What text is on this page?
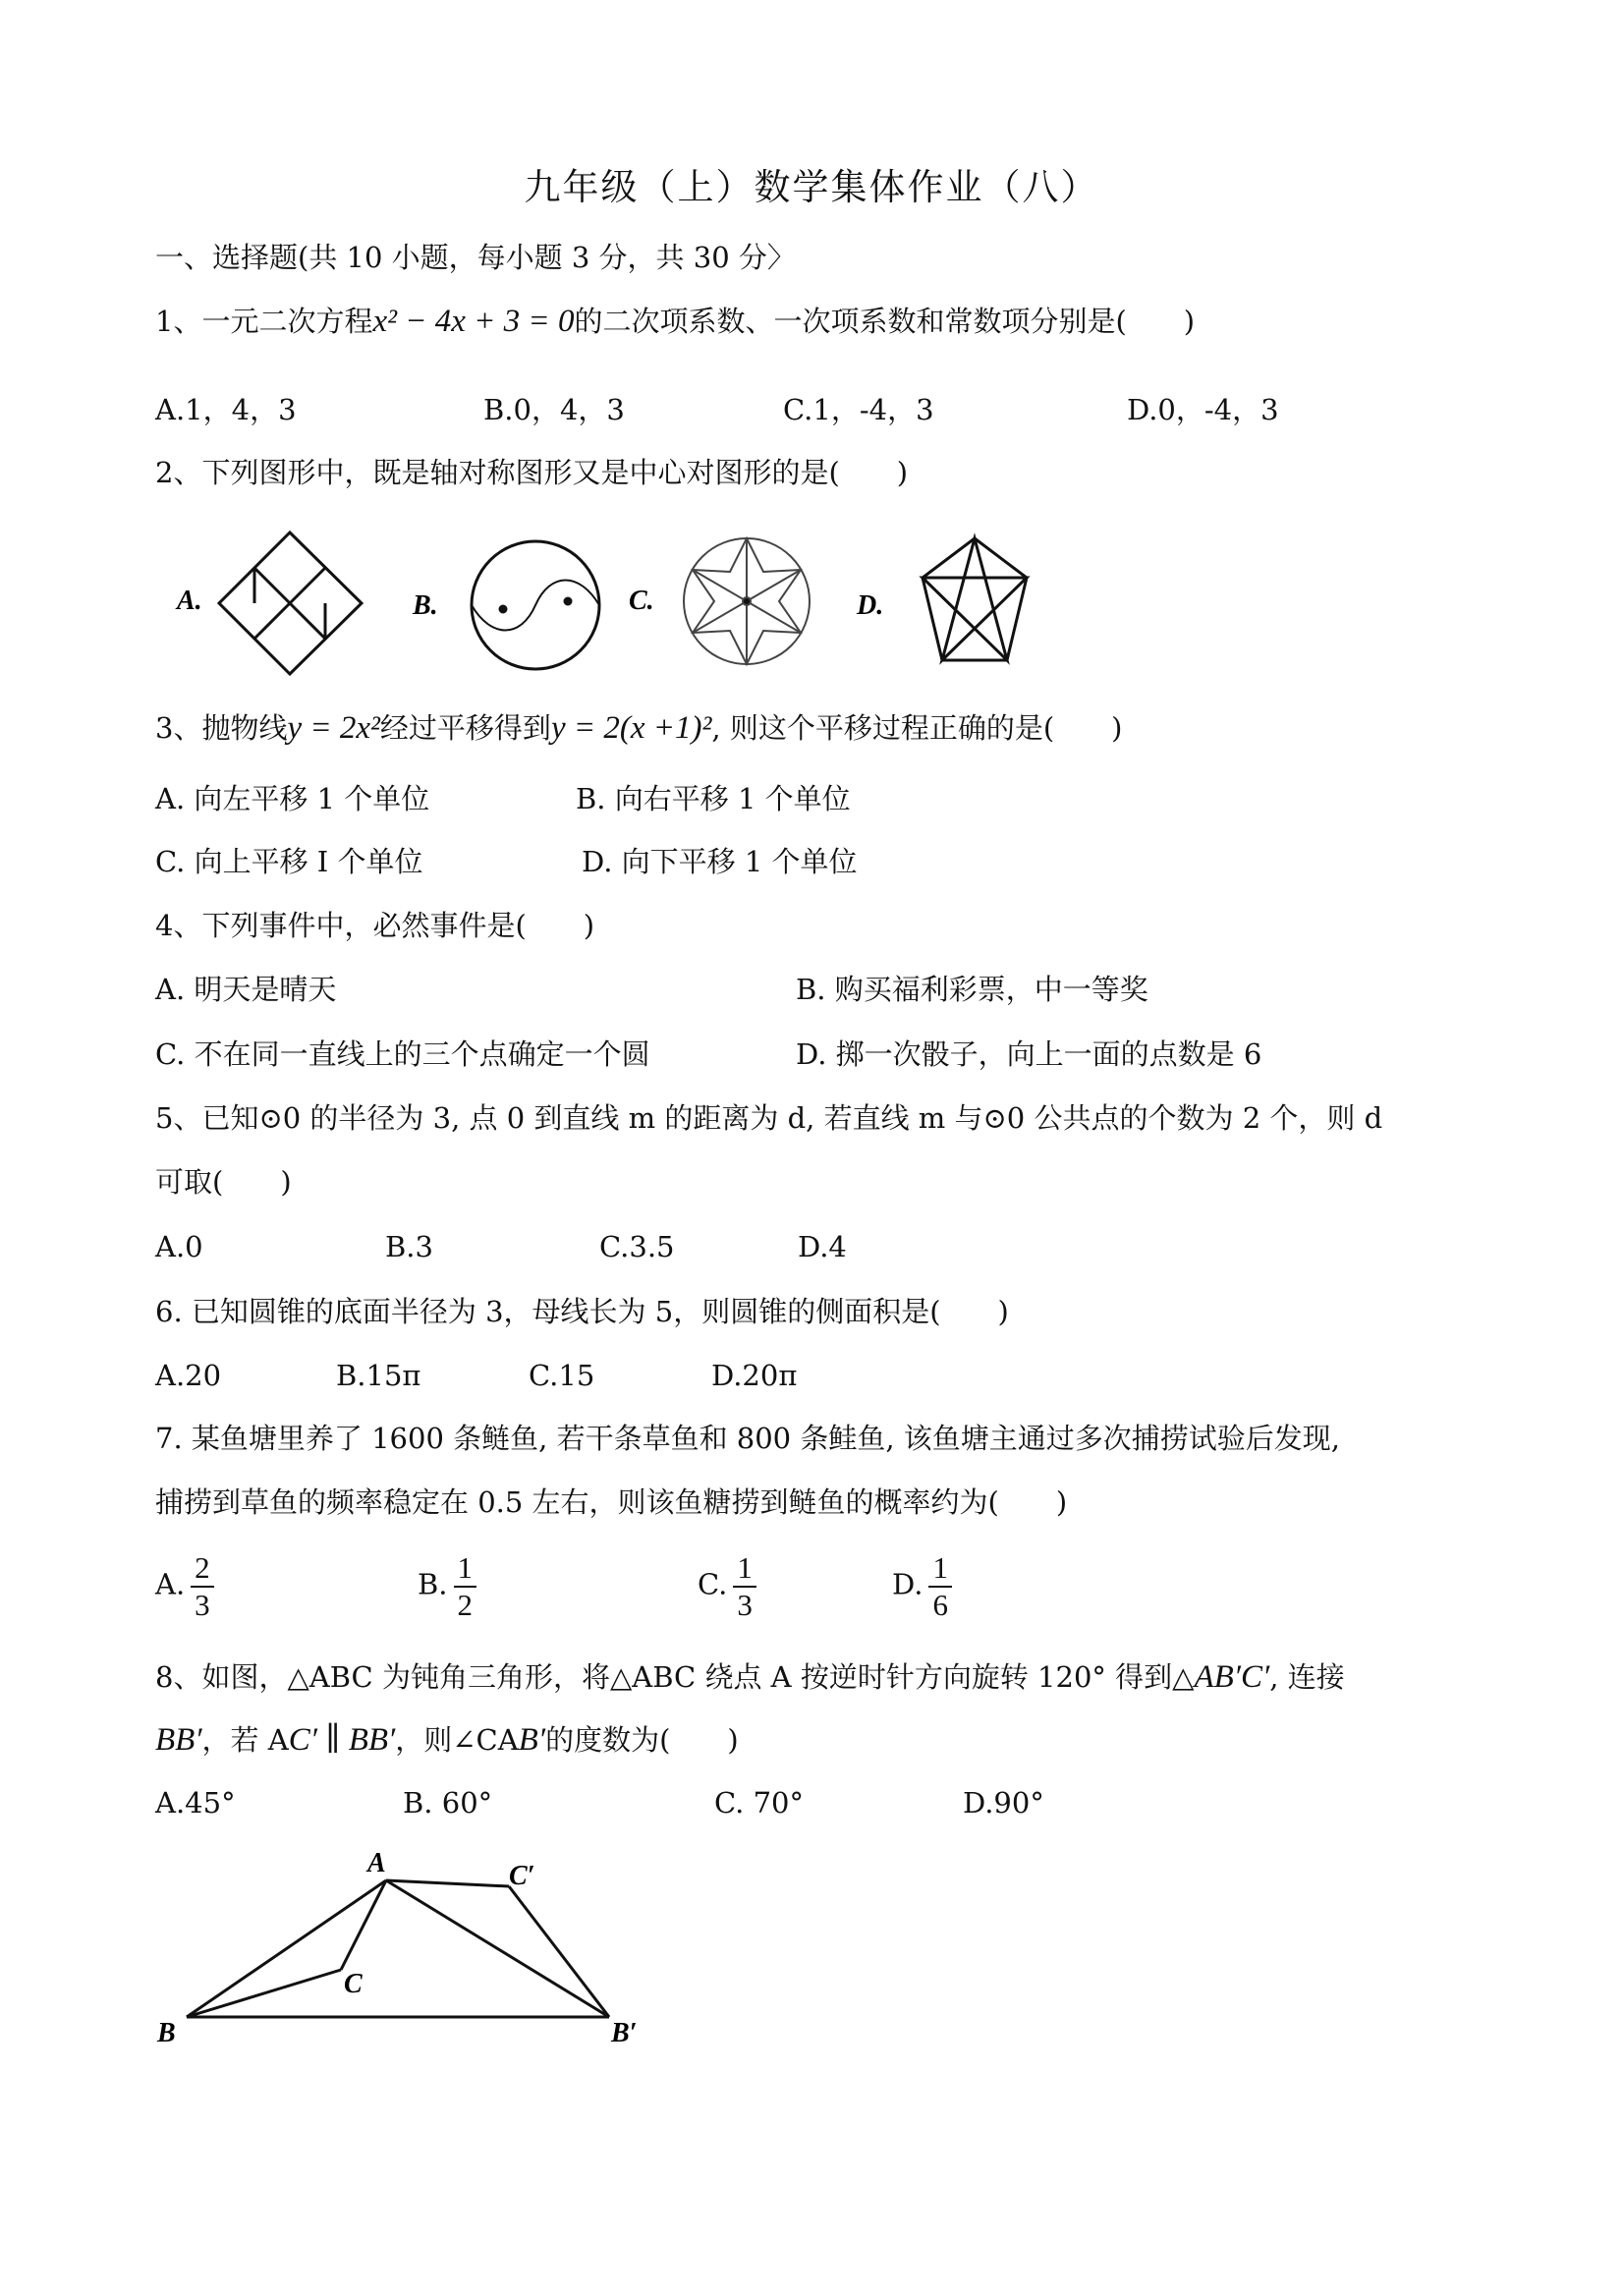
九年级（上）数学集体作业（八）
一、选择题(共 10 小题，每小题 3 分，共 30 分〉
1、一元二次方程x² − 4x + 3 = 0的二次项系数、一次项系数和常数项分别是( )
A.1，4，3	B.0，4，3	C.1，-4，3	D.0，-4，3
2、下列图形中，既是轴对称图形又是中心对图形的是( )
A.	B.	C.	D.
3、抛物线y = 2x²经过平移得到y = 2(x +1)², 则这个平移过程正确的是( )
A. 向左平移 1 个单位	B. 向右平移 1 个单位
C. 向上平移 I 个单位	D. 向下平移 1 个单位
4、下列事件中，必然事件是( )
A. 明天是晴天	B. 购买福利彩票，中一等奖
C. 不在同一直线上的三个点确定一个圆	D. 掷一次骰子，向上一面的点数是 6
5、已知⊙0 的半径为 3, 点 0 到直线 m 的距离为 d, 若直线 m 与⊙0 公共点的个数为 2 个，则 d
可取( )
A.0	B.3	C.3.5	D.4
6. 已知圆锥的底面半径为 3，母线长为 5，则圆锥的侧面积是( )
A.20	B.15π	C.15	D.20π
7. 某鱼塘里养了 1600 条鲢鱼, 若干条草鱼和 800 条鲑鱼, 该鱼塘主通过多次捕捞试验后发现,
捕捞到草鱼的频率稳定在 0.5 左右，则该鱼糖捞到鲢鱼的概率约为( )
A. $\frac{2}{3}$	B. $\frac{1}{2}$	C. $\frac{1}{3}$	D. $\frac{1}{6}$
8、如图，△ABC 为钝角三角形，将△ABC 绕点 A 按逆时针方向旋转 120° 得到△AB′C′, 连接
BB′，若 AC′ ∥ BB′，则∠CAB′的度数为( )
A.45°	B. 60°	C. 70°	D.90°
A	C′
C
B	B′
